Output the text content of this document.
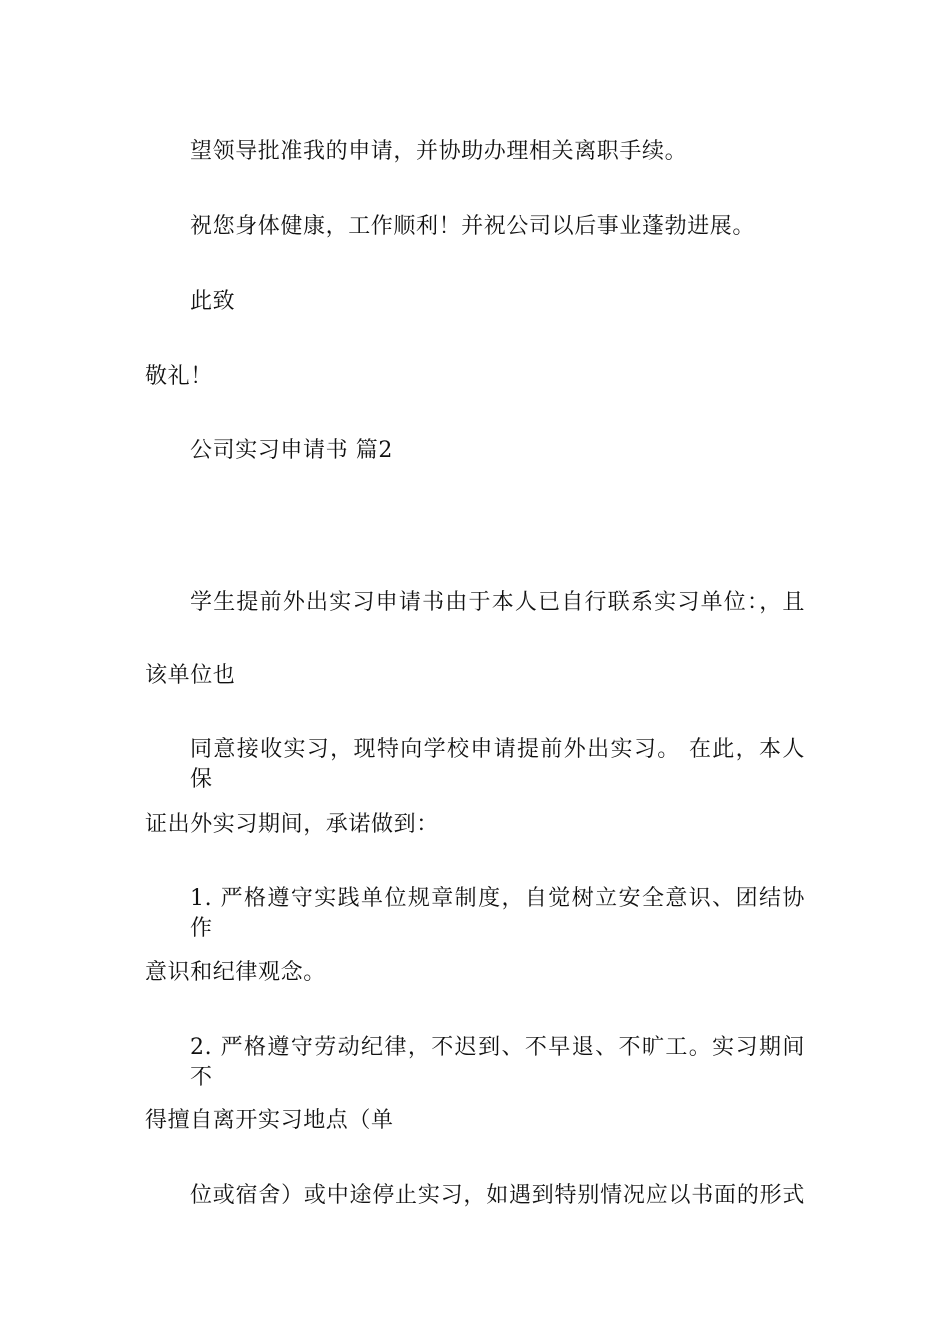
望领导批准我的申请，并协助办理相关离职手续。
祝您身体健康，工作顺利！并祝公司以后事业蓬勃进展。
此致
敬礼！
公司实习申请书 篇2
学生提前外出实习申请书由于本人已自行联系实习单位：，且
该单位也
同意接收实习，现特向学校申请提前外出实习。 在此，本人保
证出外实习期间，承诺做到：
1. 严格遵守实践单位规章制度，自觉树立安全意识、团结协作
意识和纪律观念。
2. 严格遵守劳动纪律，不迟到、不早退、不旷工。实习期间不
得擅自离开实习地点（单
位或宿舍）或中途停止实习，如遇到特别情况应以书面的形式
